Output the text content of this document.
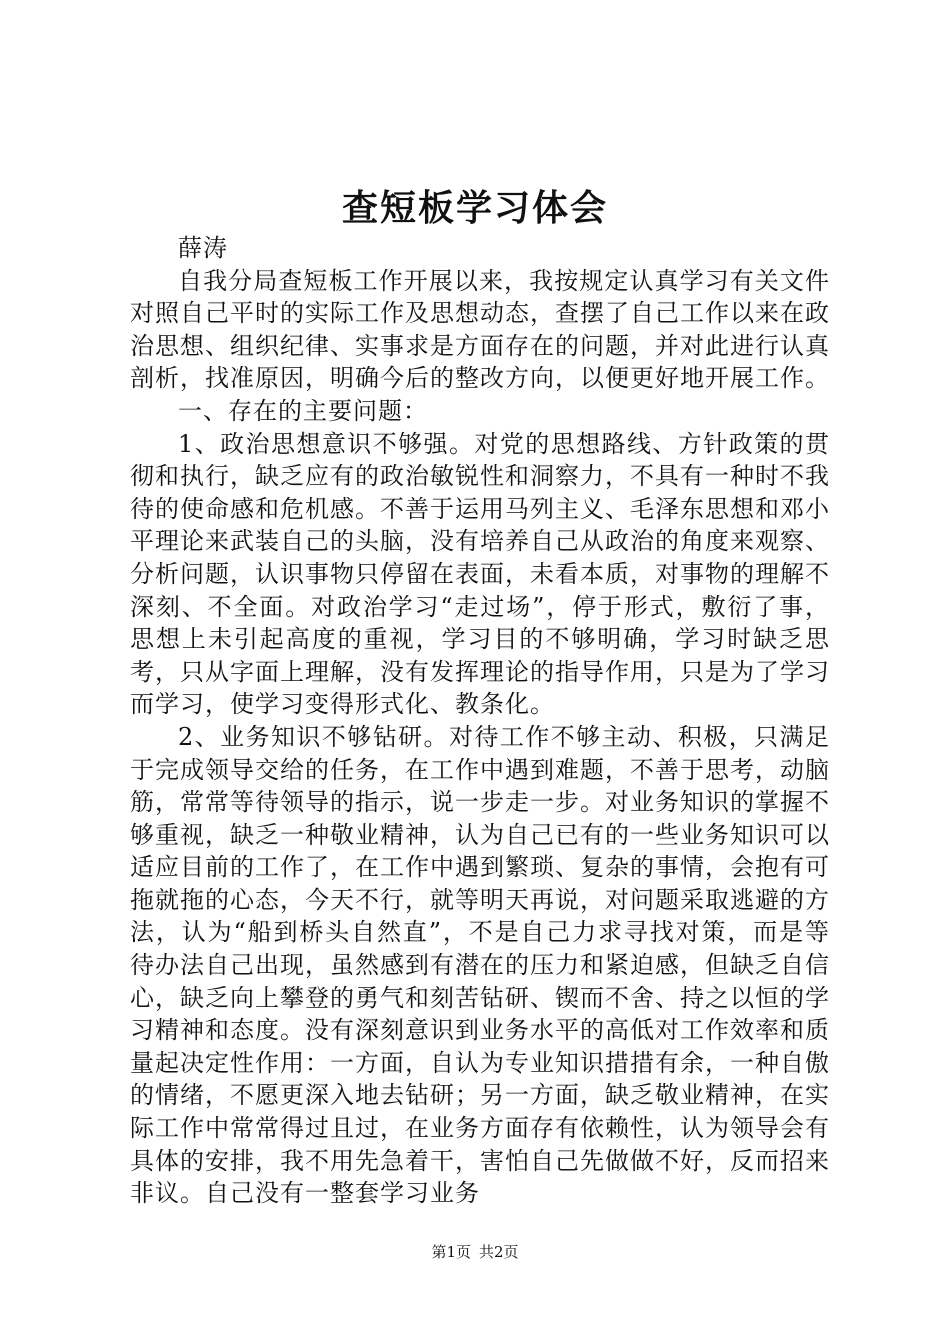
查短板学习体会

薛涛

自我分局查短板工作开展以来，我按规定认真学习有关文件对照自己平时的实际工作及思想动态，查摆了自己工作以来在政治思想、组织纪律、实事求是方面存在的问题，并对此进行认真剖析，找准原因，明确今后的整改方向，以便更好地开展工作。

一、存在的主要问题：

1、政治思想意识不够强。对党的思想路线、方针政策的贯彻和执行，缺乏应有的政治敏锐性和洞察力，不具有一种时不我待的使命感和危机感。不善于运用马列主义、毛泽东思想和邓小平理论来武装自己的头脑，没有培养自己从政治的角度来观察、分析问题，认识事物只停留在表面，未看本质，对事物的理解不深刻、不全面。对政治学习“走过场”，停于形式，敷衍了事，思想上未引起高度的重视，学习目的不够明确，学习时缺乏思考，只从字面上理解，没有发挥理论的指导作用，只是为了学习而学习，使学习变得形式化、教条化。

2、业务知识不够钻研。对待工作不够主动、积极，只满足于完成领导交给的任务，在工作中遇到难题，不善于思考，动脑筋，常常等待领导的指示，说一步走一步。对业务知识的掌握不够重视，缺乏一种敬业精神，认为自己已有的一些业务知识可以适应目前的工作了，在工作中遇到繁琐、复杂的事情，会抱有可拖就拖的心态，今天不行，就等明天再说，对问题采取逃避的方法，认为“船到桥头自然直”，不是自己力求寻找对策，而是等待办法自己出现，虽然感到有潜在的压力和紧迫感，但缺乏自信心，缺乏向上攀登的勇气和刻苦钻研、锲而不舍、持之以恒的学习精神和态度。没有深刻意识到业务水平的高低对工作效率和质量起决定性作用：一方面，自认为专业知识措措有余，一种自傲的情绪，不愿更深入地去钻研；另一方面，缺乏敬业精神，在实际工作中常常得过且过，在业务方面存有依赖性，认为领导会有具体的安排，我不用先急着干，害怕自己先做做不好，反而招来非议。自己没有一整套学习业务

第1页 共2页
